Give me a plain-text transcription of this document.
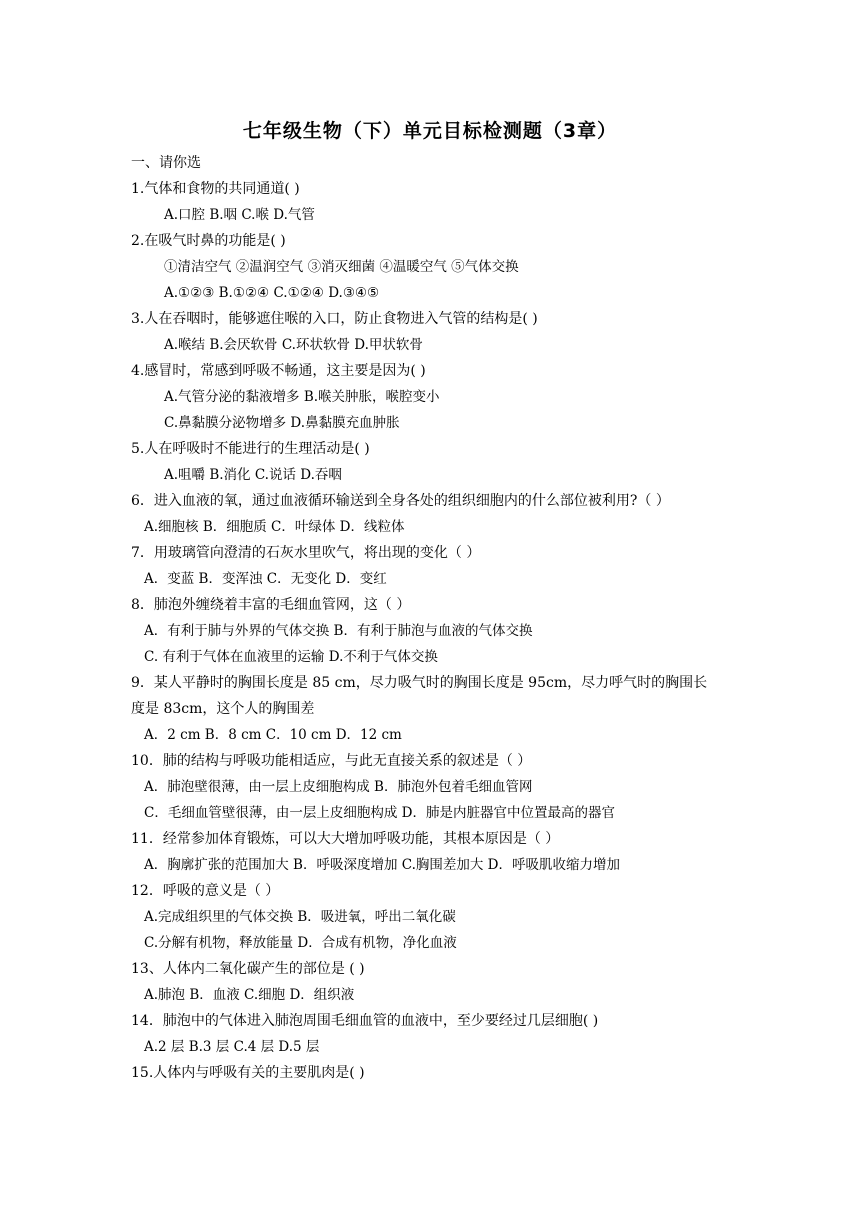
七年级生物（下）单元目标检测题（3章）
一、请你选
1.气体和食物的共同通道( )
A.口腔 B.咽 C.喉 D.气管
2.在吸气时鼻的功能是( )
①清洁空气 ②温润空气 ③消灭细菌 ④温暖空气 ⑤气体交换
A.①②③ B.①②④ C.①②④ D.③④⑤
3.人在吞咽时，能够遮住喉的入口，防止食物进入气管的结构是( )
A.喉结 B.会厌软骨 C.环状软骨 D.甲状软骨
4.感冒时，常感到呼吸不畅通，这主要是因为( )
A.气管分泌的黏液增多 B.喉关肿胀，喉腔变小
C.鼻黏膜分泌物增多 D.鼻黏膜充血肿胀
5.人在呼吸时不能进行的生理活动是( )
A.咀嚼 B.消化 C.说话 D.吞咽
6．进入血液的氧，通过血液循环输送到全身各处的组织细胞内的什么部位被利用?（ ）
A.细胞核 B．细胞质 C．叶绿体 D．线粒体
7．用玻璃管向澄清的石灰水里吹气，将出现的变化（ ）
A．变蓝 B．变浑浊 C．无变化 D．变红
8．肺泡外缠绕着丰富的毛细血管网，这（ ）
A．有利于肺与外界的气体交换 B．有利于肺泡与血液的气体交换
C. 有利于气体在血液里的运输 D.不利于气体交换
9．某人平静时的胸围长度是 85 cm，尽力吸气时的胸围长度是 95cm，尽力呼气时的胸围长
度是 83cm，这个人的胸围差
A．2 cm B．8 cm C．10 cm D．12 cm
10．肺的结构与呼吸功能相适应，与此无直接关系的叙述是（ ）
A．肺泡壁很薄，由一层上皮细胞构成 B．肺泡外包着毛细血管网
C．毛细血管壁很薄，由一层上皮细胞构成 D．肺是内脏器官中位置最高的器官
11．经常参加体育锻炼，可以大大增加呼吸功能，其根本原因是（ ）
A．胸廓扩张的范围加大 B．呼吸深度增加 C.胸围差加大 D．呼吸肌收缩力增加
12．呼吸的意义是（ ）
A.完成组织里的气体交换 B．吸进氧，呼出二氧化碳
C.分解有机物，释放能量 D．合成有机物，净化血液
13、人体内二氧化碳产生的部位是 ( )
A.肺泡 B．血液 C.细胞 D．组织液
14．肺泡中的气体进入肺泡周围毛细血管的血液中，至少要经过几层细胞( )
A.2 层 B.3 层 C.4 层 D.5 层
15.人体内与呼吸有关的主要肌肉是( )
